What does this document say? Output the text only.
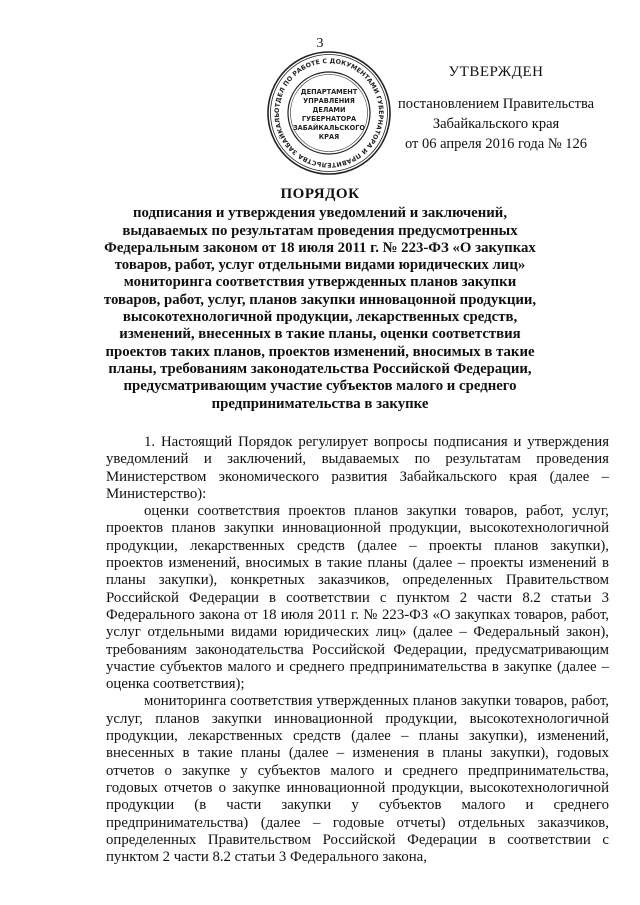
3
ОТДЕЛ ПО РАБОТЕ С ДОКУМЕНТАМИ ГУБЕРНАТОРА И ПРАВИТЕЛЬСТВА ЗАБАЙКАЛЬ
ДЕПАРТАМЕНТ
УПРАВЛЕНИЯ
ДЕЛАМИ
ГУБЕРНАТОРА
ЗАБАЙКАЛЬСКОГО
КРАЯ
УТВЕРЖДЕН
постановлением Правительства
Забайкальского края
от 06 апреля 2016 года № 126
ПОРЯДОК
подписания и утверждения уведомлений и заключений, выдаваемых по результатам проведения предусмотренных Федеральным законом от 18 июля 2011 г. № 223-ФЗ «О закупках товаров, работ, услуг отдельными видами юридических лиц» мониторинга соответствия утвержденных планов закупки товаров, работ, услуг, планов закупки инновацонной продукции, высокотехнологичной продукции, лекарственных средств, изменений, внесенных в такие планы, оценки соответствия проектов таких планов, проектов изменений, вносимых в такие планы, требованиям законодательства Российской Федерации, предусматривающим участие субъектов малого и среднего предпринимательства в закупке

1. Настоящий Порядок регулирует вопросы подписания и утверждения уведомлений и заключений, выдаваемых по результатам проведения Министерством экономического развития Забайкальского края (далее – Министерство):

оценки соответствия проектов планов закупки товаров, работ, услуг, проектов планов закупки инновационной продукции, высокотехнологичной продукции, лекарственных средств (далее – проекты планов закупки), проектов изменений, вносимых в такие планы (далее – проекты изменений в планы закупки), конкретных заказчиков, определенных Правительством Российской Федерации в соответствии с пунктом 2 части 8.2 статьи 3 Федерального закона от 18 июля 2011 г. № 223-ФЗ «О закупках товаров, работ, услуг отдельными видами юридических лиц» (далее – Федеральный закон), требованиям законодательства Российской Федерации, предусматривающим участие субъектов малого и среднего предпринимательства в закупке (далее – оценка соответствия);

мониторинга соответствия утвержденных планов закупки товаров, работ, услуг, планов закупки инновационной продукции, высокотехнологичной продукции, лекарственных средств (далее – планы закупки), изменений, внесенных в такие планы (далее – изменения в планы закупки), годовых отчетов о закупке у субъектов малого и среднего предпринимательства, годовых отчетов о закупке инновационной продукции, высокотехнологичной продукции (в части закупки у субъектов малого и среднего предпринимательства) (далее – годовые отчеты) отдельных заказчиков, определенных Правительством Российской Федерации в соответствии с пунктом 2 части 8.2 статьи 3 Федерального закона,
